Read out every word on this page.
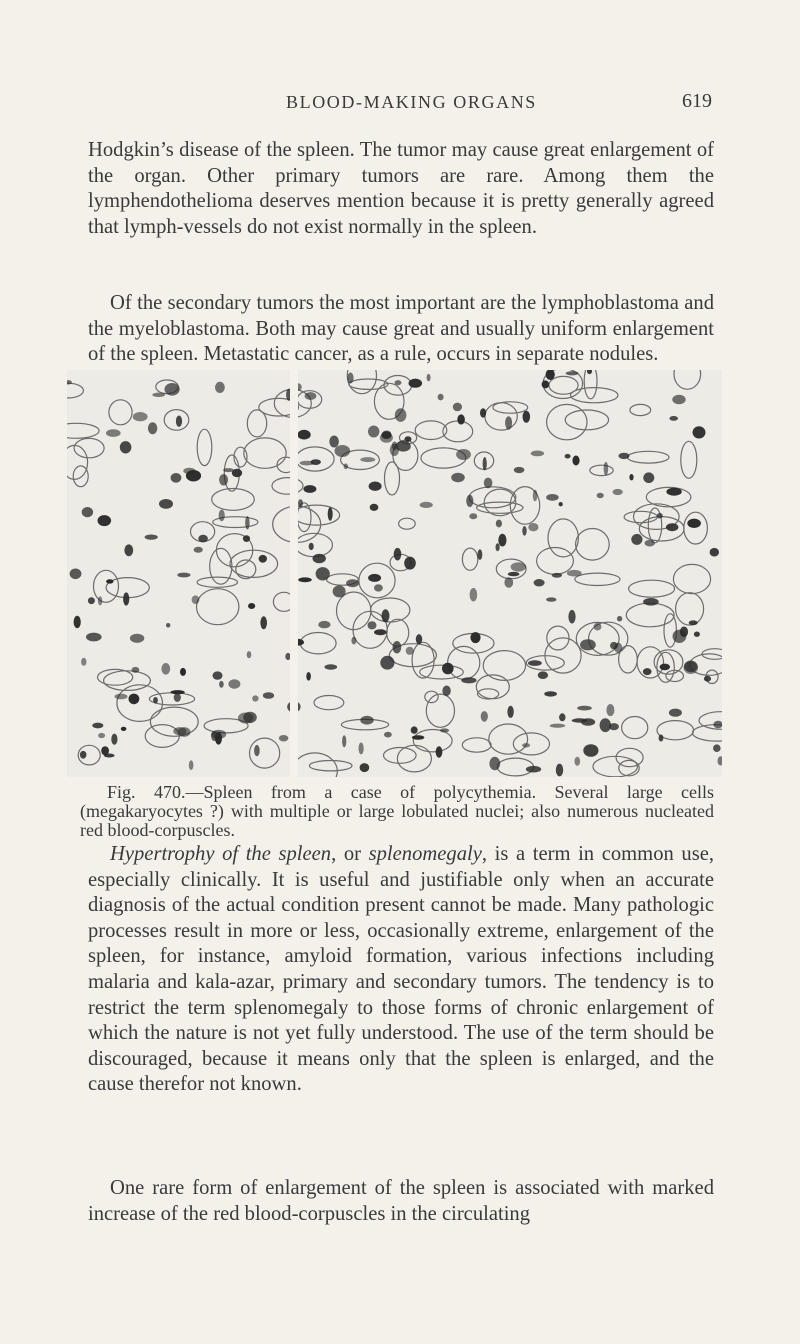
BLOOD-MAKING ORGANS	619

Hodgkin’s disease of the spleen. The tumor may cause great enlargement of the organ. Other primary tumors are rare. Among them the lymphendothelioma deserves mention because it is pretty generally agreed that lymph-vessels do not exist normally in the spleen.

Of the secondary tumors the most important are the lymphoblastoma and the myeloblastoma. Both may cause great and usually uniform enlargement of the spleen. Metastatic cancer, as a rule, occurs in separate nodules.

Fig. 470.—Spleen from a case of polycythemia. Several large cells (megakaryocytes ?) with multiple or large lobulated nuclei; also numerous nucleated red blood-corpuscles.

Hypertrophy of the spleen, or splenomegaly, is a term in common use, especially clinically. It is useful and justifiable only when an accurate diagnosis of the actual condition present cannot be made. Many pathologic processes result in more or less, occasionally extreme, enlargement of the spleen, for instance, amyloid formation, various infections including malaria and kala-azar, primary and secondary tumors. The tendency is to restrict the term splenomegaly to those forms of chronic enlargement of which the nature is not yet fully understood. The use of the term should be discouraged, because it means only that the spleen is enlarged, and the cause therefor not known.

One rare form of enlargement of the spleen is associated with marked increase of the red blood-corpuscles in the circulating
